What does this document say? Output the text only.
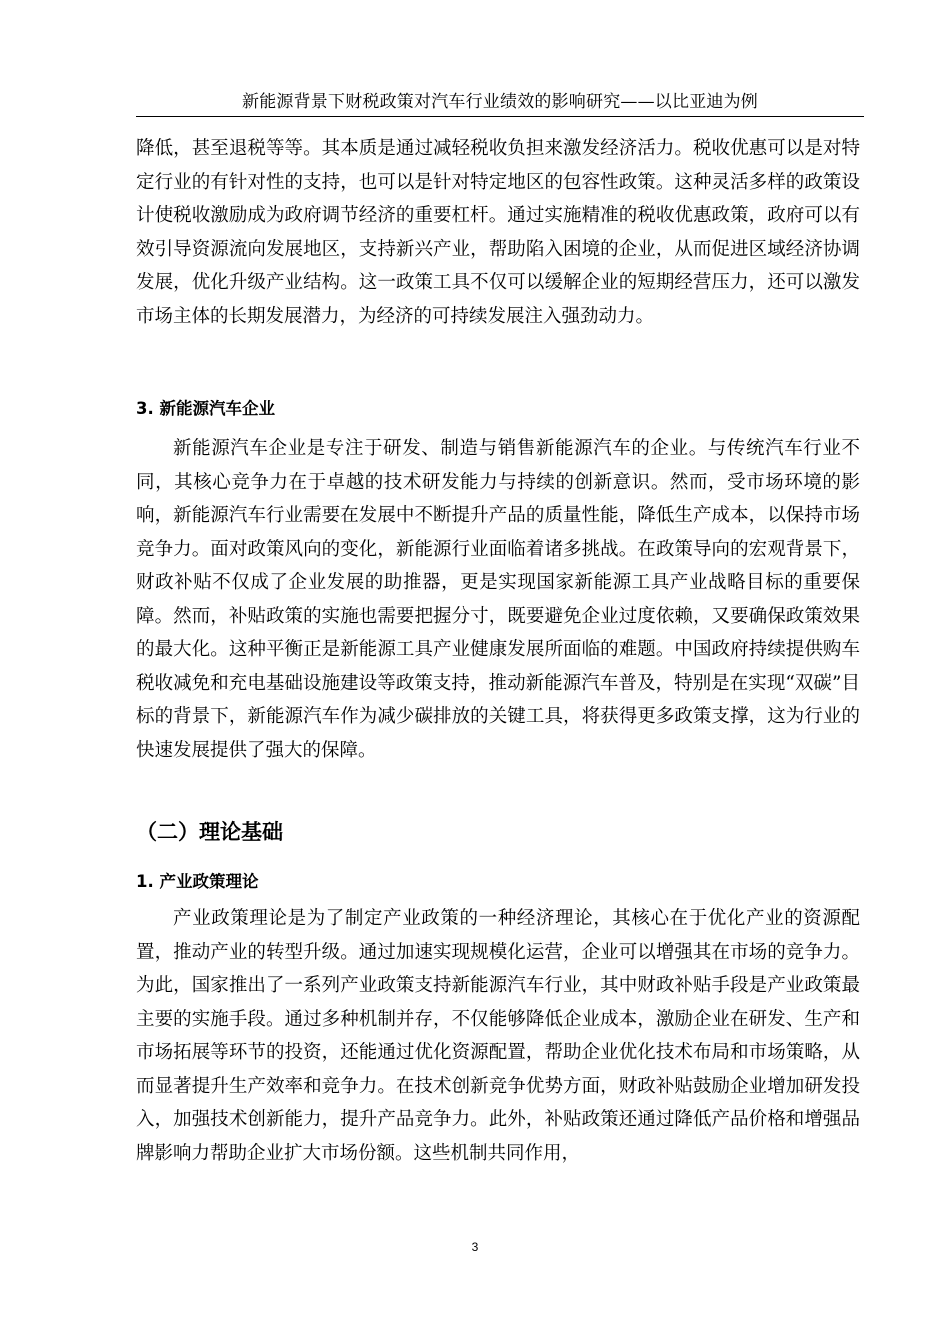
新能源背景下财税政策对汽车行业绩效的影响研究——以比亚迪为例

降低，甚至退税等等。其本质是通过减轻税收负担来激发经济活力。税收优惠可以是对特定行业的有针对性的支持，也可以是针对特定地区的包容性政策。这种灵活多样的政策设计使税收激励成为政府调节经济的重要杠杆。通过实施精准的税收优惠政策，政府可以有效引导资源流向发展地区，支持新兴产业，帮助陷入困境的企业，从而促进区域经济协调发展，优化升级产业结构。这一政策工具不仅可以缓解企业的短期经营压力，还可以激发市场主体的长期发展潜力，为经济的可持续发展注入强劲动力。

3. 新能源汽车企业

新能源汽车企业是专注于研发、制造与销售新能源汽车的企业。与传统汽车行业不同，其核心竞争力在于卓越的技术研发能力与持续的创新意识。然而，受市场环境的影响，新能源汽车行业需要在发展中不断提升产品的质量性能，降低生产成本，以保持市场竞争力。面对政策风向的变化，新能源行业面临着诸多挑战。在政策导向的宏观背景下，财政补贴不仅成了企业发展的助推器，更是实现国家新能源工具产业战略目标的重要保障。然而，补贴政策的实施也需要把握分寸，既要避免企业过度依赖，又要确保政策效果的最大化。这种平衡正是新能源工具产业健康发展所面临的难题。中国政府持续提供购车税收减免和充电基础设施建设等政策支持，推动新能源汽车普及，特别是在实现“双碳”目标的背景下，新能源汽车作为减少碳排放的关键工具，将获得更多政策支撑，这为行业的快速发展提供了强大的保障。

（二）理论基础
1. 产业政策理论

产业政策理论是为了制定产业政策的一种经济理论，其核心在于优化产业的资源配置，推动产业的转型升级。通过加速实现规模化运营，企业可以增强其在市场的竞争力。为此，国家推出了一系列产业政策支持新能源汽车行业，其中财政补贴手段是产业政策最主要的实施手段。通过多种机制并存，不仅能够降低企业成本，激励企业在研发、生产和市场拓展等环节的投资，还能通过优化资源配置，帮助企业优化技术布局和市场策略，从而显著提升生产效率和竞争力。在技术创新竞争优势方面，财政补贴鼓励企业增加研发投入，加强技术创新能力，提升产品竞争力。此外，补贴政策还通过降低产品价格和增强品牌影响力帮助企业扩大市场份额。这些机制共同作用，

3
